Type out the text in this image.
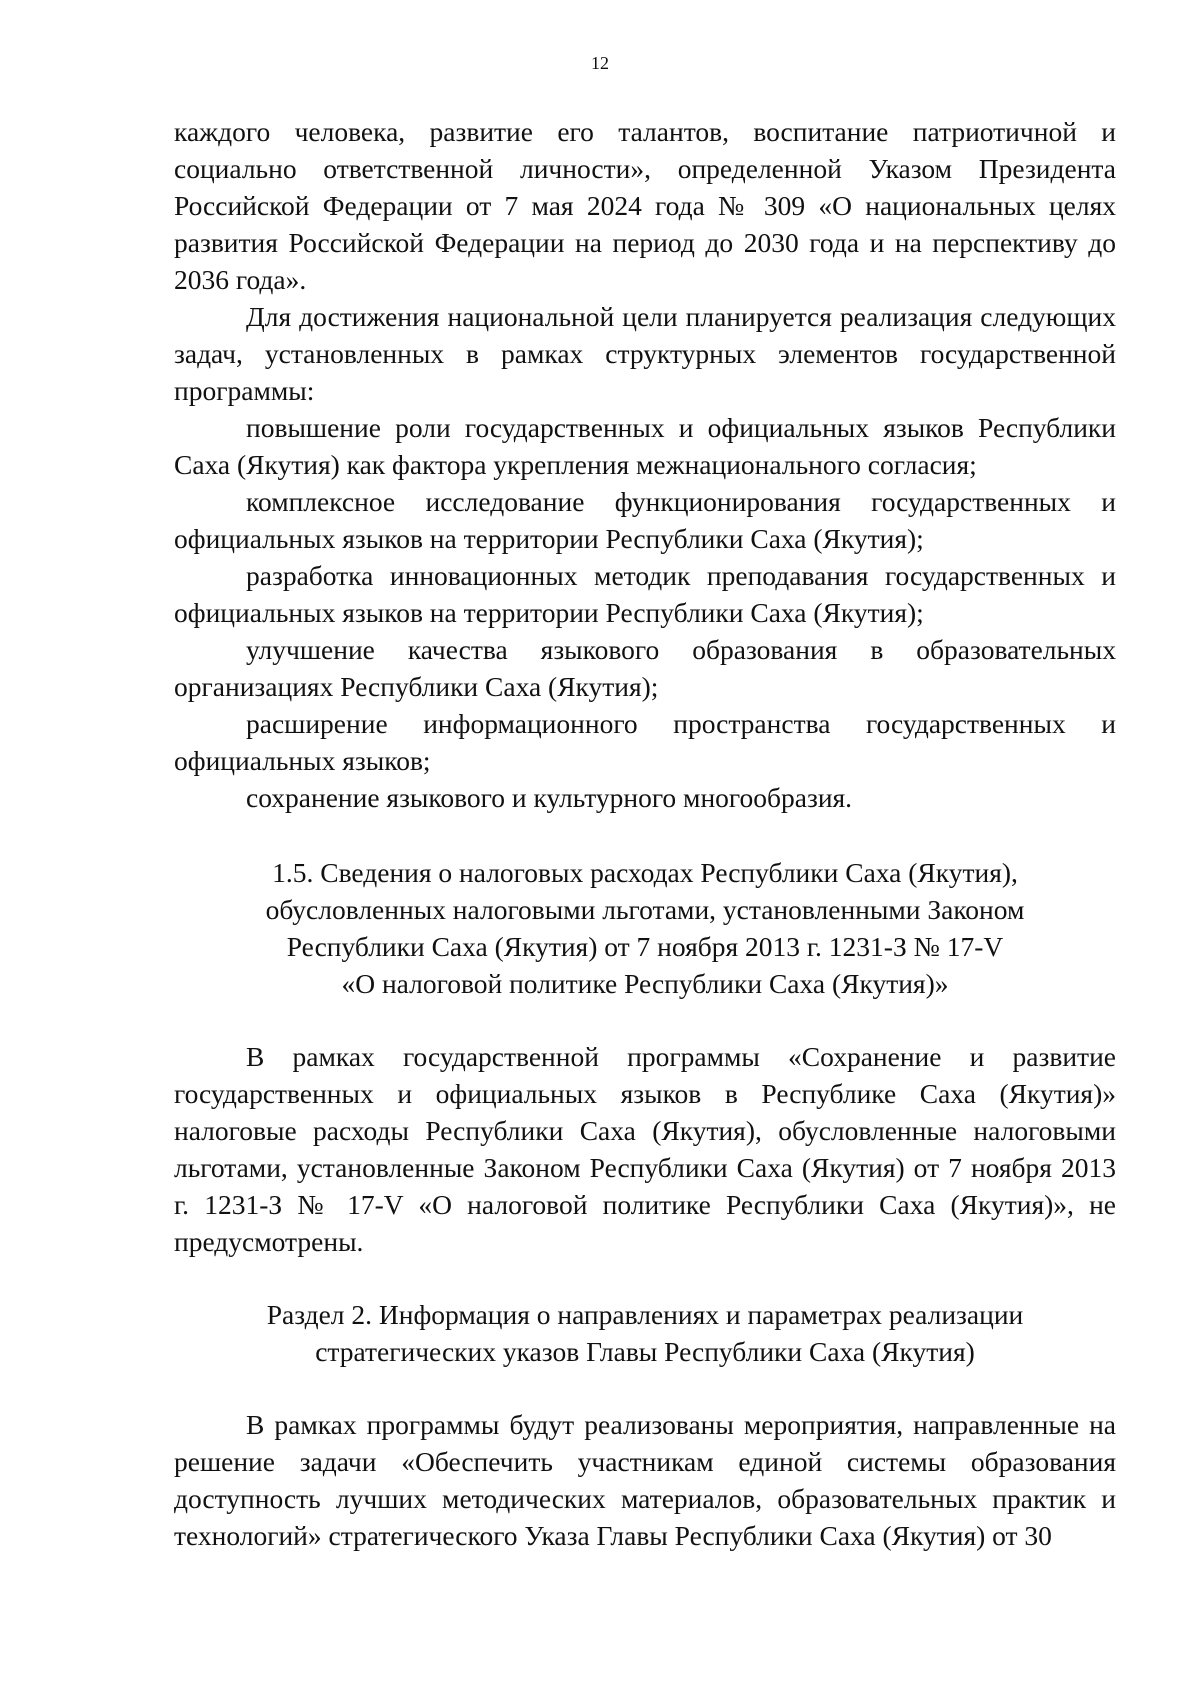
12

каждого человека, развитие его талантов, воспитание патриотичной и социально ответственной личности», определенной Указом Президента Российской Федерации от 7 мая 2024 года № 309 «О национальных целях развития Российской Федерации на период до 2030 года и на перспективу до 2036 года».

Для достижения национальной цели планируется реализация следующих задач, установленных в рамках структурных элементов государственной программы:

повышение роли государственных и официальных языков Республики Саха (Якутия) как фактора укрепления межнационального согласия;

комплексное исследование функционирования государственных и официальных языков на территории Республики Саха (Якутия);

разработка инновационных методик преподавания государственных и официальных языков на территории Республики Саха (Якутия);

улучшение качества языкового образования в образовательных организациях Республики Саха (Якутия);

расширение информационного пространства государственных и официальных языков;

сохранение языкового и культурного многообразия.

1.5. Сведения о налоговых расходах Республики Саха (Якутия),
обусловленных налоговыми льготами, установленными Законом
Республики Саха (Якутия) от 7 ноября 2013 г. 1231-З № 17-V
«О налоговой политике Республики Саха (Якутия)»

В рамках государственной программы «Сохранение и развитие государственных и официальных языков в Республике Саха (Якутия)» налоговые расходы Республики Саха (Якутия), обусловленные налоговыми льготами, установленные Законом Республики Саха (Якутия) от 7 ноября 2013 г. 1231-З № 17-V «О налоговой политике Республики Саха (Якутия)», не предусмотрены.

Раздел 2. Информация о направлениях и параметрах реализации
стратегических указов Главы Республики Саха (Якутия)

В рамках программы будут реализованы мероприятия, направленные на решение задачи «Обеспечить участникам единой системы образования доступность лучших методических материалов, образовательных практик и технологий» стратегического Указа Главы Республики Саха (Якутия) от 30
